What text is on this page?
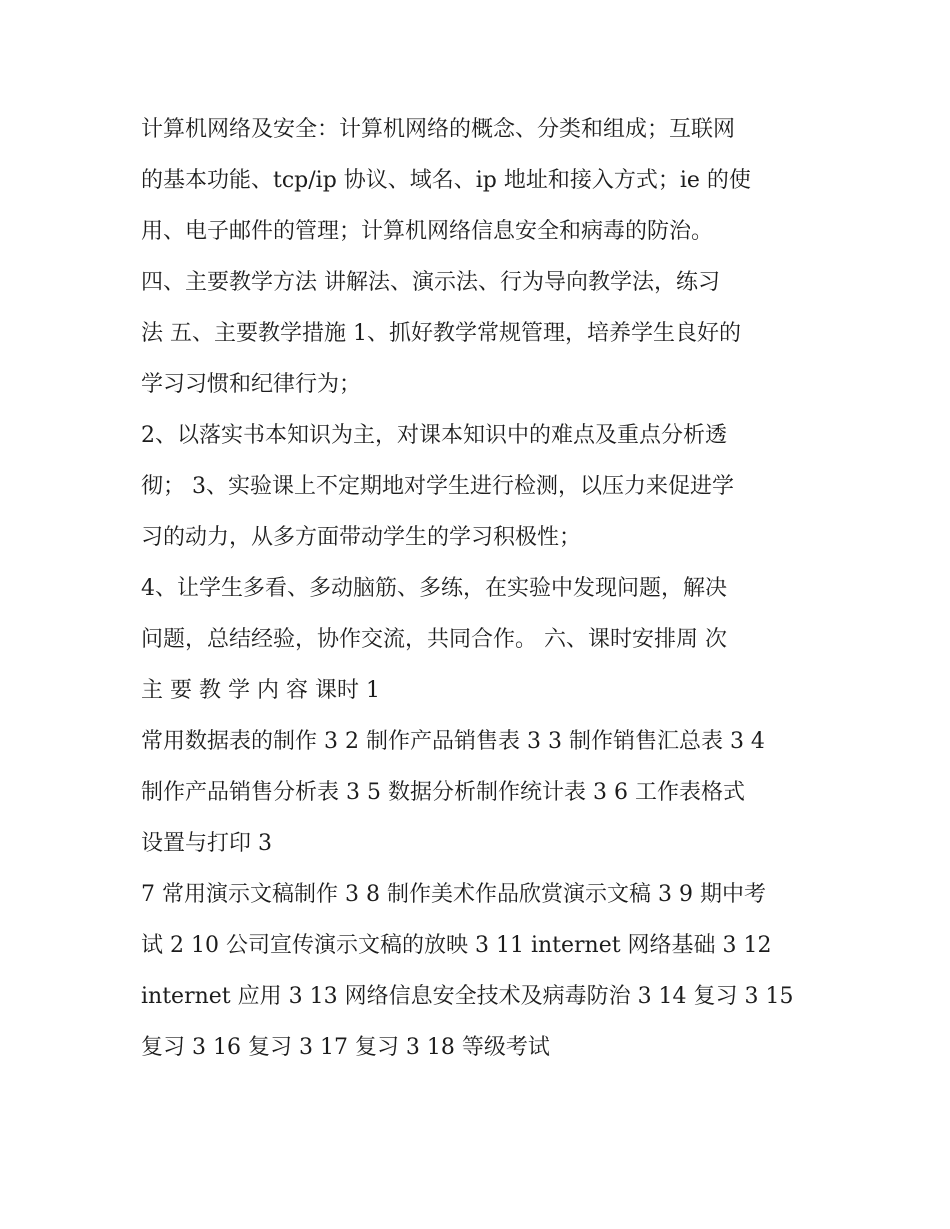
计算机网络及安全：计算机网络的概念、分类和组成；互联网
的基本功能、tcp/ip 协议、域名、ip 地址和接入方式；ie 的使
用、电子邮件的管理；计算机网络信息安全和病毒的防治。
四、主要教学方法 讲解法、演示法、行为导向教学法，练习
法 五、主要教学措施 1、抓好教学常规管理，培养学生良好的
学习习惯和纪律行为；
2、以落实书本知识为主，对课本知识中的难点及重点分析透
彻； 3、实验课上不定期地对学生进行检测，以压力来促进学
习的动力，从多方面带动学生的学习积极性；
4、让学生多看、多动脑筋、多练，在实验中发现问题，解决
问题，总结经验，协作交流，共同合作。 六、课时安排周 次
主 要 教 学 内 容 课时 1
常用数据表的制作 3 2 制作产品销售表 3 3 制作销售汇总表 3 4
制作产品销售分析表 3 5 数据分析制作统计表 3 6 工作表格式
设置与打印 3
7 常用演示文稿制作 3 8 制作美术作品欣赏演示文稿 3 9 期中考
试 2 10 公司宣传演示文稿的放映 3 11 internet 网络基础 3 12
internet 应用 3 13 网络信息安全技术及病毒防治 3 14 复习 3 15
复习 3 16 复习 3 17 复习 3 18 等级考试
